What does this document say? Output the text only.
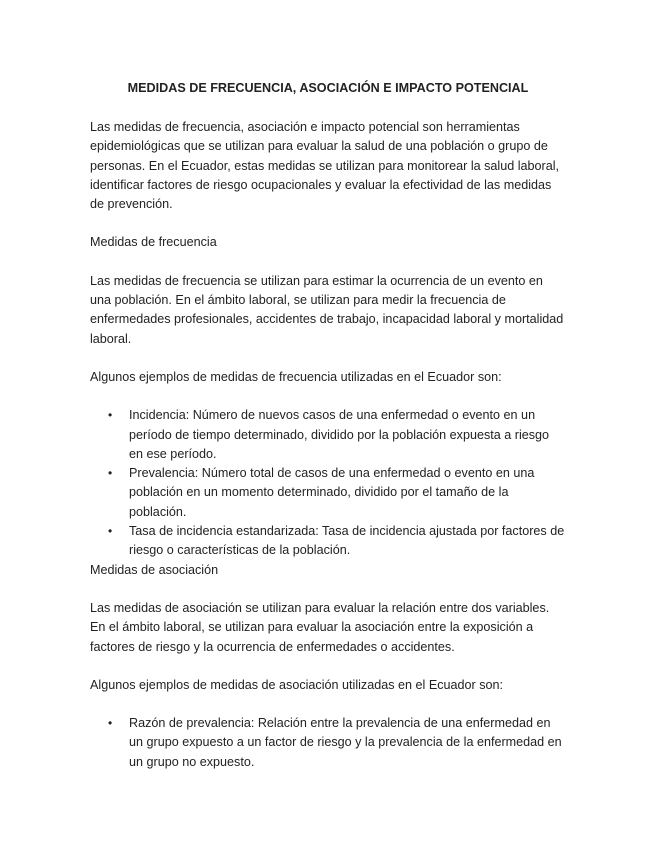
MEDIDAS DE FRECUENCIA, ASOCIACIÓN E IMPACTO POTENCIAL

Las medidas de frecuencia, asociación e impacto potencial son herramientas epidemiológicas que se utilizan para evaluar la salud de una población o grupo de personas. En el Ecuador, estas medidas se utilizan para monitorear la salud laboral, identificar factores de riesgo ocupacionales y evaluar la efectividad de las medidas de prevención.

Medidas de frecuencia

Las medidas de frecuencia se utilizan para estimar la ocurrencia de un evento en una población. En el ámbito laboral, se utilizan para medir la frecuencia de enfermedades profesionales, accidentes de trabajo, incapacidad laboral y mortalidad laboral.

Algunos ejemplos de medidas de frecuencia utilizadas en el Ecuador son:

• Incidencia: Número de nuevos casos de una enfermedad o evento en un período de tiempo determinado, dividido por la población expuesta a riesgo en ese período.
• Prevalencia: Número total de casos de una enfermedad o evento en una población en un momento determinado, dividido por el tamaño de la población.
• Tasa de incidencia estandarizada: Tasa de incidencia ajustada por factores de riesgo o características de la población.

Medidas de asociación

Las medidas de asociación se utilizan para evaluar la relación entre dos variables. En el ámbito laboral, se utilizan para evaluar la asociación entre la exposición a factores de riesgo y la ocurrencia de enfermedades o accidentes.

Algunos ejemplos de medidas de asociación utilizadas en el Ecuador son:

• Razón de prevalencia: Relación entre la prevalencia de una enfermedad en un grupo expuesto a un factor de riesgo y la prevalencia de la enfermedad en un grupo no expuesto.
